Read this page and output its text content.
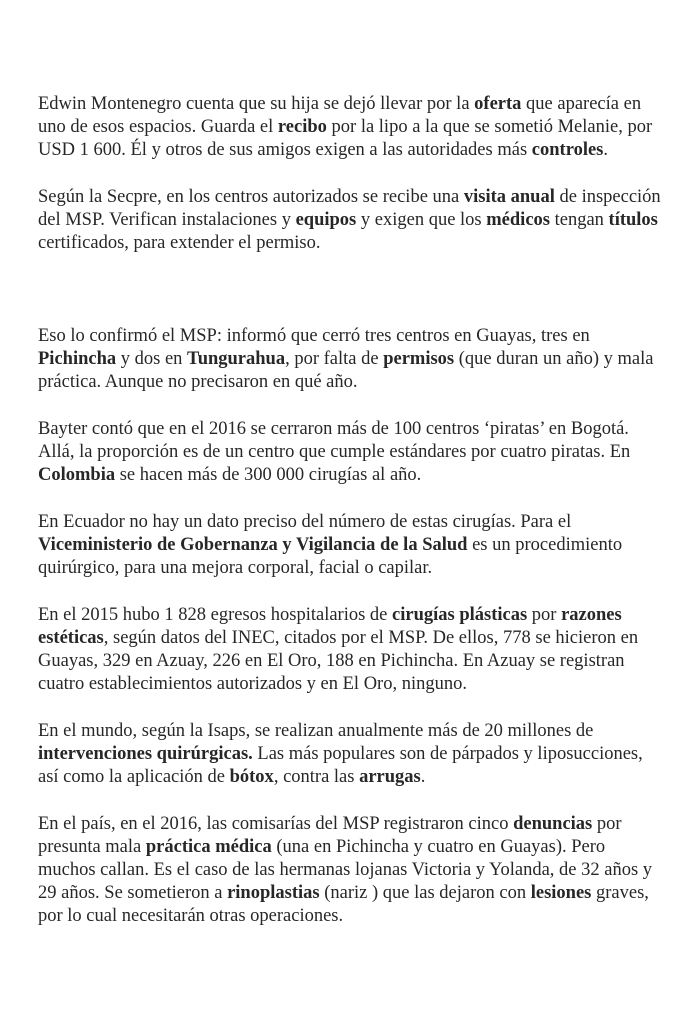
Edwin Montenegro cuenta que su hija se dejó llevar por la oferta que aparecía en uno de esos espacios. Guarda el recibo por la lipo a la que se sometió Melanie, por USD 1 600. Él y otros de sus amigos exigen a las autoridades más controles.

Según la Secpre, en los centros autorizados se recibe una visita anual de inspección del MSP. Verifican instalaciones y equipos y exigen que los médicos tengan títulos certificados, para extender el permiso.

Eso lo confirmó el MSP: informó que cerró tres centros en Guayas, tres en Pichincha y dos en Tungurahua, por falta de permisos (que duran un año) y mala práctica. Aunque no precisaron en qué año.

Bayter contó que en el 2016 se cerraron más de 100 centros ‘piratas’ en Bogotá. Allá, la proporción es de un centro que cumple estándares por cuatro piratas. En Colombia se hacen más de 300 000 cirugías al año.

En Ecuador no hay un dato preciso del número de estas cirugías. Para el Viceministerio de Gobernanza y Vigilancia de la Salud es un procedimiento quirúrgico, para una mejora corporal, facial o capilar.

En el 2015 hubo 1 828 egresos hospitalarios de cirugías plásticas por razones estéticas, según datos del INEC, citados por el MSP. De ellos, 778 se hicieron en Guayas, 329 en Azuay, 226 en El Oro, 188 en Pichincha. En Azuay se registran cuatro establecimientos autorizados y en El Oro, ninguno.

En el mundo, según la Isaps, se realizan anualmente más de 20 millones de intervenciones quirúrgicas. Las más populares son de párpados y liposucciones, así como la aplicación de bótox, contra las arrugas.

En el país, en el 2016, las comisarías del MSP registraron cinco denuncias por presunta mala práctica médica (una en Pichincha y cuatro en Guayas). Pero muchos callan. Es el caso de las hermanas lojanas Victoria y Yolanda, de 32 años y 29 años. Se sometieron a rinoplastias (nariz ) que las dejaron con lesiones graves, por lo cual necesitarán otras operaciones.
